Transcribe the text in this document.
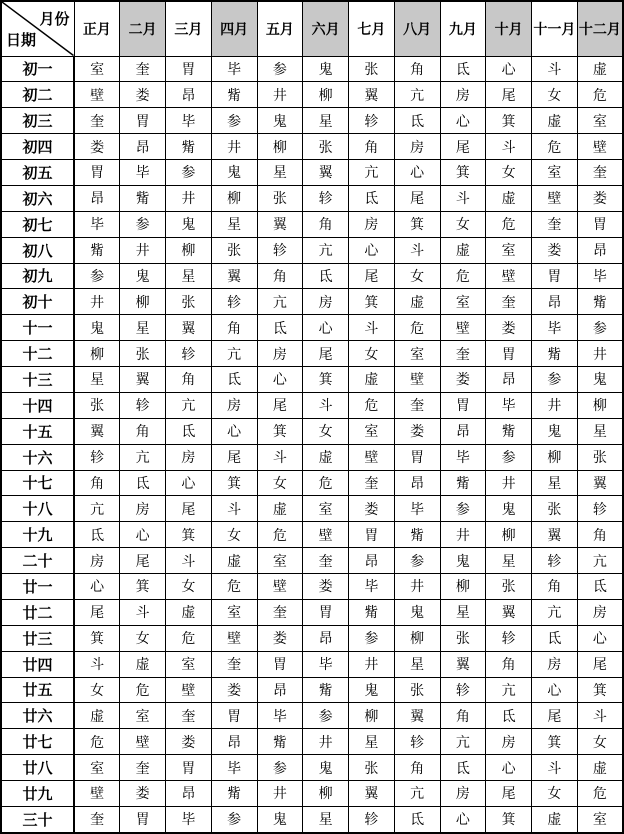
月份
日期	正月	二月	三月	四月	五月	六月	七月	八月	九月	十月	十一月	十二月
初一	室	奎	胃	毕	参	鬼	张	角	氐	心	斗	虚
初二	壁	娄	昂	觜	井	柳	翼	亢	房	尾	女	危
初三	奎	胃	毕	参	鬼	星	轸	氐	心	箕	虚	室
初四	娄	昂	觜	井	柳	张	角	房	尾	斗	危	壁
初五	胃	毕	参	鬼	星	翼	亢	心	箕	女	室	奎
初六	昂	觜	井	柳	张	轸	氐	尾	斗	虚	壁	娄
初七	毕	参	鬼	星	翼	角	房	箕	女	危	奎	胃
初八	觜	井	柳	张	轸	亢	心	斗	虚	室	娄	昂
初九	参	鬼	星	翼	角	氐	尾	女	危	壁	胃	毕
初十	井	柳	张	轸	亢	房	箕	虚	室	奎	昂	觜
十一	鬼	星	翼	角	氐	心	斗	危	壁	娄	毕	参
十二	柳	张	轸	亢	房	尾	女	室	奎	胃	觜	井
十三	星	翼	角	氐	心	箕	虚	壁	娄	昂	参	鬼
十四	张	轸	亢	房	尾	斗	危	奎	胃	毕	井	柳
十五	翼	角	氐	心	箕	女	室	娄	昂	觜	鬼	星
十六	轸	亢	房	尾	斗	虚	壁	胃	毕	参	柳	张
十七	角	氐	心	箕	女	危	奎	昂	觜	井	星	翼
十八	亢	房	尾	斗	虚	室	娄	毕	参	鬼	张	轸
十九	氐	心	箕	女	危	壁	胃	觜	井	柳	翼	角
二十	房	尾	斗	虚	室	奎	昂	参	鬼	星	轸	亢
廿一	心	箕	女	危	壁	娄	毕	井	柳	张	角	氐
廿二	尾	斗	虚	室	奎	胃	觜	鬼	星	翼	亢	房
廿三	箕	女	危	壁	娄	昂	参	柳	张	轸	氐	心
廿四	斗	虚	室	奎	胃	毕	井	星	翼	角	房	尾
廿五	女	危	壁	娄	昂	觜	鬼	张	轸	亢	心	箕
廿六	虚	室	奎	胃	毕	参	柳	翼	角	氐	尾	斗
廿七	危	壁	娄	昂	觜	井	星	轸	亢	房	箕	女
廿八	室	奎	胃	毕	参	鬼	张	角	氐	心	斗	虚
廿九	壁	娄	昂	觜	井	柳	翼	亢	房	尾	女	危
三十	奎	胃	毕	参	鬼	星	轸	氐	心	箕	虚	室
